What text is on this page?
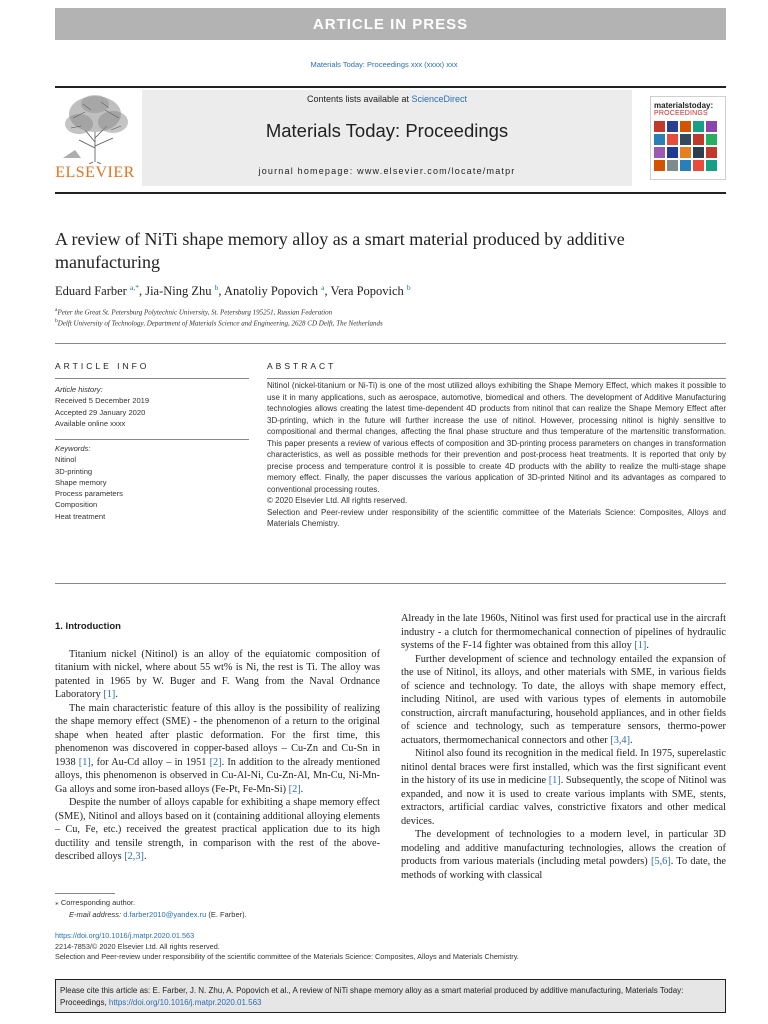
ARTICLE IN PRESS
Materials Today: Proceedings xxx (xxxx) xxx
ELSEVIER
Contents lists available at ScienceDirect
Materials Today: Proceedings
journal homepage: www.elsevier.com/locate/matpr
materialstoday:
PROCEEDINGS
A review of NiTi shape memory alloy as a smart material produced by additive manufacturing
Eduard Farber $^{a,*}$, Jia-Ning Zhu $^b$, Anatoliy Popovich $^a$, Vera Popovich $^b$
$^a$Peter the Great St. Petersburg Polytechnic University, St. Petersburg 195251, Russian Federation
$^b$Delft University of Technology, Department of Materials Science and Engineering, 2628 CD Delft, The Netherlands
ARTICLE INFO	ABSTRACT
Article history:
Received 5 December 2019
Accepted 29 January 2020
Available online xxxx
Keywords:
Nitinol
3D-printing
Shape memory
Process parameters
Composition
Heat treatment

Nitinol (nickel-titanium or Ni-Ti) is one of the most utilized alloys exhibiting the Shape Memory Effect, which makes it possible to use it in many applications, such as aerospace, automotive, biomedical and others. The development of Additive Manufacturing technologies allows creating the latest time-dependent 4D products from nitinol that can realize the Shape Memory Effect after 3D-printing, which in the future will further increase the use of nitinol. However, processing nitinol is highly sensitive to compositional and thermal changes, affecting the final phase structure and thus temperature of the martensitic transformation. This paper presents a review of various effects of composition and 3D-printing process parameters on changes in transformation characteristics, as well as possible methods for their prevention and post-process heat treatments. It is reported that only by precise process and temperature control it is possible to create 4D products with the ability to realize the multi-stage shape memory effect. Finally, the paper discusses the various application of 3D-printed Nitinol and its advantages as compared to conventional processing routes.

© 2020 Elsevier Ltd. All rights reserved.

Selection and Peer-review under responsibility of the scientific committee of the Materials Science: Composites, Alloys and Materials Chemistry.

1. Introduction

Titanium nickel (Nitinol) is an alloy of the equiatomic composition of titanium with nickel, where about 55 wt% is Ni, the rest is Ti. The alloy was patented in 1965 by W. Buger and F. Wang from the Naval Ordnance Laboratory [1].

The main characteristic feature of this alloy is the possibility of realizing the shape memory effect (SME) - the phenomenon of a return to the original shape when heated after plastic deformation. For the first time, this phenomenon was discovered in copper-based alloys – Cu-Zn and Cu-Sn in 1938 [1], for Au-Cd alloy – in 1951 [2]. In addition to the already mentioned alloys, this phenomenon is observed in Cu-Al-Ni, Cu-Zn-Al, Mn-Cu, Ni-Mn-Ga alloys and some iron-based alloys (Fe-Pt, Fe-Mn-Si) [2].

Despite the number of alloys capable for exhibiting a shape memory effect (SME), Nitinol and alloys based on it (containing additional alloying elements – Cu, Fe, etc.) received the greatest practical application due to its high ductility and tensile strength, in comparison with the rest of the above-described alloys [2,3].

Already in the late 1960s, Nitinol was first used for practical use in the aircraft industry - a clutch for thermomechanical connection of pipelines of hydraulic systems of the F-14 fighter was obtained from this alloy [1].

Further development of science and technology entailed the expansion of the use of Nitinol, its alloys, and other materials with SME, in various fields of science and technology. To date, the alloys with shape memory effect, including Nitinol, are used with various types of elements in automobile construction, aircraft manufacturing, household appliances, and in other fields of science and technology, such as temperature sensors, thermo-power actuators, thermomechanical connectors and other [3,4].

Nitinol also found its recognition in the medical field. In 1975, superelastic nitinol dental braces were first installed, which was the first significant event in the history of its use in medicine [1]. Subsequently, the scope of Nitinol was expanded, and now it is used to create various implants with SME, stents, extractors, artificial cardiac valves, constrictive fixators and other medical devices.

The development of technologies to a modern level, in particular 3D modeling and additive manufacturing technologies, allows the creation of products from various materials (including metal powders) [5,6]. To date, the methods of working with classical

⁎ Corresponding author.
E-mail address: d.farber2010@yandex.ru (E. Farber).
https://doi.org/10.1016/j.matpr.2020.01.563
2214-7853/© 2020 Elsevier Ltd. All rights reserved.
Selection and Peer-review under responsibility of the scientific committee of the Materials Science: Composites, Alloys and Materials Chemistry.
Please cite this article as: E. Farber, J. N. Zhu, A. Popovich et al., A review of NiTi shape memory alloy as a smart material produced by additive manufacturing, Materials Today: Proceedings, https://doi.org/10.1016/j.matpr.2020.01.563
